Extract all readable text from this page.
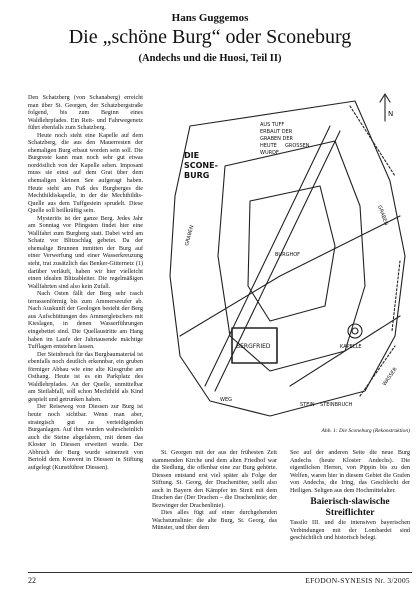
Hans Guggemos
Die „schöne Burg“ oder Sconeburg
(Andechs und die Huosi, Teil II)

Den Schatzberg (von Schanaberg) erreicht man über St. Georgen, der Schatzbergstraße folgend, bis zum Beginn eines Waldlehrpfades. Ein Reit- und Fahrwegenetz führt ebenfalls zum Schatzberg.

Heute noch steht eine Kapelle auf dem Schatzberg, die aus den Mauerresten der ehemaligen Burg erbaut worden sein soll. Die Burgreste kann man noch sehr gut etwas nordöstlich von der Kapelle sehen. Imposant muss sie einst auf dem Grat über dem ehemaligen kleinen See aufgeragt haben. Heute steht am Fuß des Burgberges die Mechthildiskapelle, in der die Mechthildis-Quelle aus dem Tuffgestein sprudelt. Diese Quelle soll heilkräftig sein.

Mysteriös ist der ganze Berg. Jedes Jahr am Sonntag vor Pfingsten findet hier eine Wallfahrt zum Burgberg statt. Dabei wird am Schatz vor Blitzschlag gebetet. Da der ehemalige Brunnen inmitten der Burg auf einer Verwerfung und einer Wasserkreuzung steht, trat zusätzlich das Benker-Gitternetz (1) darüber verläuft, haben wir hier vielleicht einen idealen Blitzableiter. Die regelmäßigen Wallfahrten sind also kein Zufall.

Nach Osten fällt der Berg sehr rasch terrassenförmig bis zum Ammerseeufer ab. Nach Auskunft der Geologen besteht der Berg aus Aufschüttungen des Ammergletschers mit Kieslagen, in denen Wasserführungen eingebettet sind. Die Quellaustritte am Hang haben im Laufe der Jahrtausende mächtige Tufflagen entstehen lassen.

Der Steinbruch für das Burgbaumaterial ist ebenfalls noch deutlich erkennbar, ein gruben förmiger Abbau wie eine alte Kiesgrube am Osthang. Heute ist es ein Parkplatz des Waldlehrpfades. An der Quelle, unmittelbar am Steilabfall, soll schon Mechthild als Kind gespielt und getrunken haben.

Der Reiseweg von Diessen zur Burg ist heute noch sichtbar. Wenn man aber, strategisch gut zu verteidigenden Burganlagen. Auf ihm wurden wahrscheinlich auch die Steine abgefahren, mit denen das Kloster in Diessen erweitert wurde. Der Abbruch der Burg wurde seinerzeit von Bertold dem Konvent in Diessen in Stiftung aufgelegt (Kunstführer Diessen).

DIE
SCONE-
BURG
AUS TUFF
ERBAUT DER
GRABEN DER
HEUTE GROSSEN
WURDE
BERGFRIED
GRABEN
GRABEN
KAPELLE
BURGHOF
WASSER
WEG
STEIN STEINBRUCH
N
Abb. 1: Die Sconeburg (Rekonstruktion)

St. Georgen mit der aus der frühesten Zeit stammenden Kirche und dem alten Friedhof war die Siedlung, die offenbar eine zur Burg gehörte. Diessen entstand erst viel später als Folge der Stiftung. St. Georg, der Drachentöter, stellt also auch in Bayern den Kämpfer im Streit mit dem Drachen dar (Der Drachen – die Drachenlinie; der Bezwinger der Drachenlinie).

Dies alles fügt auf einer durchgehenden Wachstumslinie: die alte Burg, St. Georg, das Münster, und über dem

See auf der anderen Seite die neue Burg Andechs (heute Kloster Andechs). Die eigentlichen Herren, von Pippin bis zu den Welfen, waren hier in diesem Gebiet die Grafen von Andechs, die Iring, das Geschlecht der Heiligen. Seligen aus dem Hochmittelalter.

Baierisch-slawische Streiflichter

Tassilo III. und die intensiven bayerischen Verbindungen mit der Lombardei sind geschichtlich und historisch belegt.

22	EFODON-SYNESIS Nr. 3/2005
